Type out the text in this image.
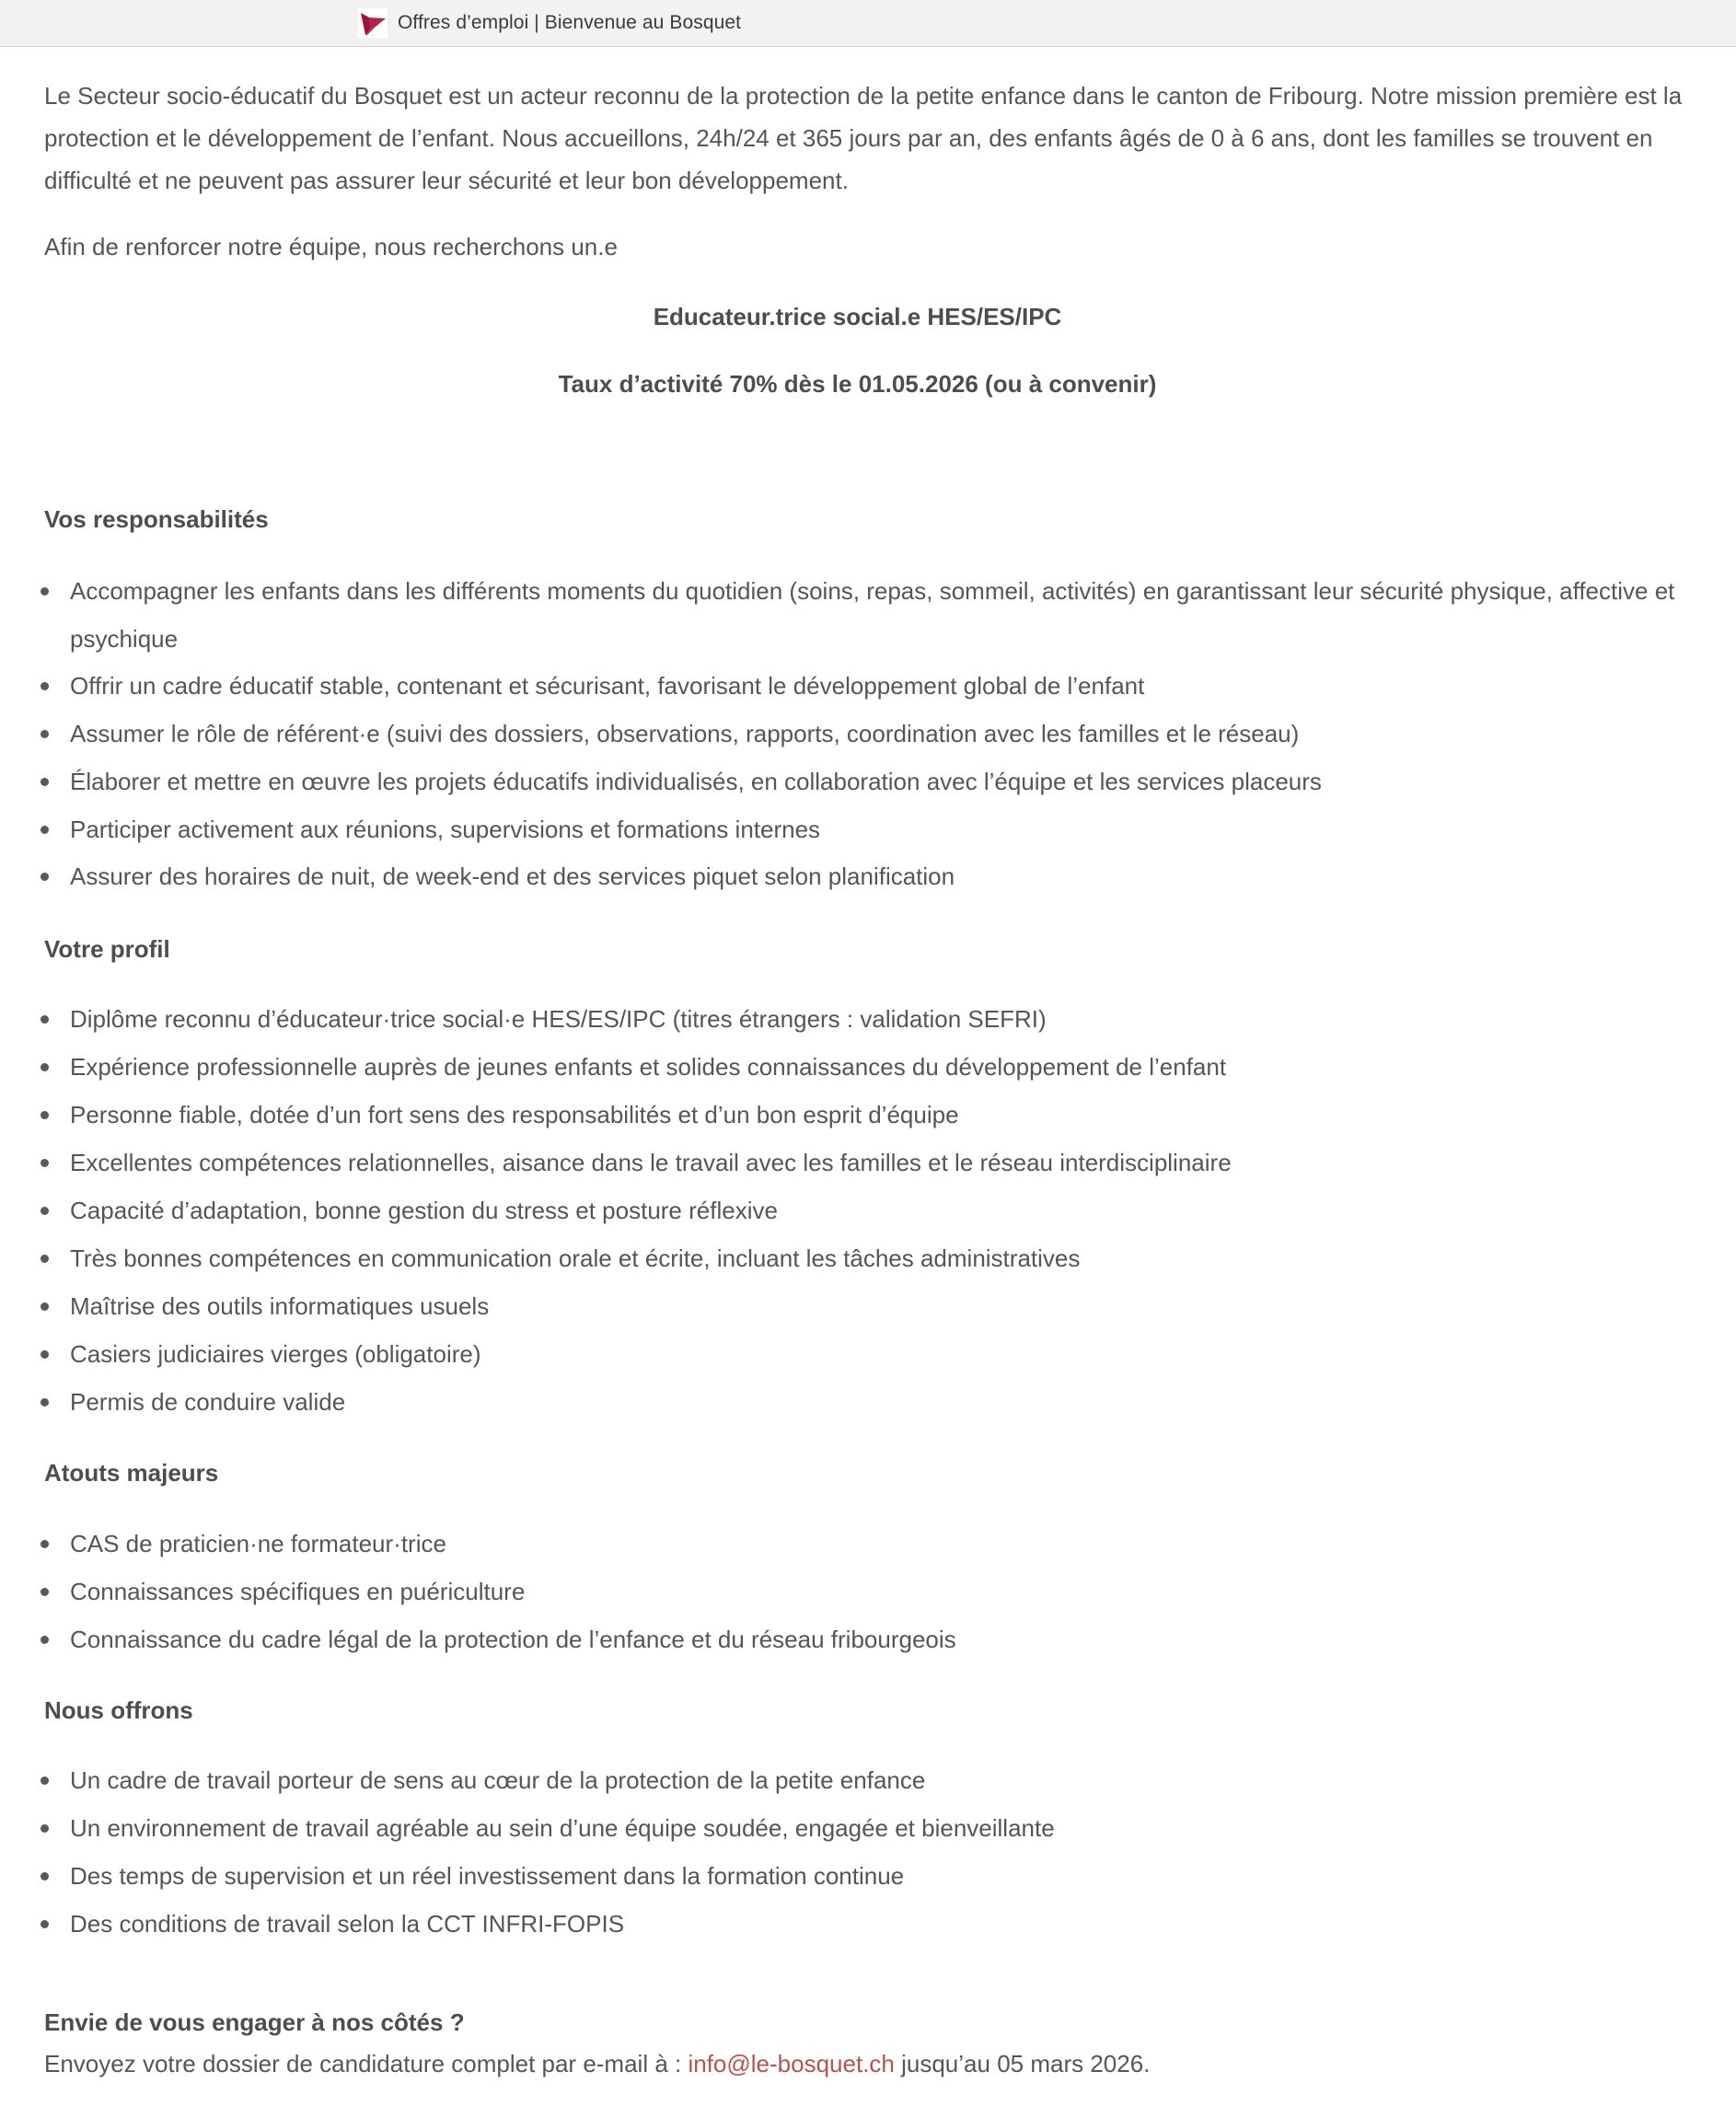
Offres d’emploi | Bienvenue au Bosquet
Le Secteur socio-éducatif du Bosquet est un acteur reconnu de la protection de la petite enfance dans le canton de Fribourg. Notre mission première est la protection et le développement de l’enfant. Nous accueillons, 24h/24 et 365 jours par an, des enfants âgés de 0 à 6 ans, dont les familles se trouvent en difficulté et ne peuvent pas assurer leur sécurité et leur bon développement.
Afin de renforcer notre équipe, nous recherchons un.e
Educateur.trice social.e HES/ES/IPC
Taux d’activité 70% dès le 01.05.2026 (ou à convenir)
Vos responsabilités
Accompagner les enfants dans les différents moments du quotidien (soins, repas, sommeil, activités) en garantissant leur sécurité physique, affective et psychique
Offrir un cadre éducatif stable, contenant et sécurisant, favorisant le développement global de l’enfant
Assumer le rôle de référent·e (suivi des dossiers, observations, rapports, coordination avec les familles et le réseau)
Élaborer et mettre en œuvre les projets éducatifs individualisés, en collaboration avec l’équipe et les services placeurs
Participer activement aux réunions, supervisions et formations internes
Assurer des horaires de nuit, de week-end et des services piquet selon planification
Votre profil
Diplôme reconnu d’éducateur·trice social·e HES/ES/IPC (titres étrangers : validation SEFRI)
Expérience professionnelle auprès de jeunes enfants et solides connaissances du développement de l’enfant
Personne fiable, dotée d’un fort sens des responsabilités et d’un bon esprit d’équipe
Excellentes compétences relationnelles, aisance dans le travail avec les familles et le réseau interdisciplinaire
Capacité d’adaptation, bonne gestion du stress et posture réflexive
Très bonnes compétences en communication orale et écrite, incluant les tâches administratives
Maîtrise des outils informatiques usuels
Casiers judiciaires vierges (obligatoire)
Permis de conduire valide
Atouts majeurs
CAS de praticien·ne formateur·trice
Connaissances spécifiques en puériculture
Connaissance du cadre légal de la protection de l’enfance et du réseau fribourgeois
Nous offrons
Un cadre de travail porteur de sens au cœur de la protection de la petite enfance
Un environnement de travail agréable au sein d’une équipe soudée, engagée et bienveillante
Des temps de supervision et un réel investissement dans la formation continue
Des conditions de travail selon la CCT INFRI-FOPIS
Envie de vous engager à nos côtés ?
Envoyez votre dossier de candidature complet par e-mail à : info@le-bosquet.ch jusqu’au 05 mars 2026.
